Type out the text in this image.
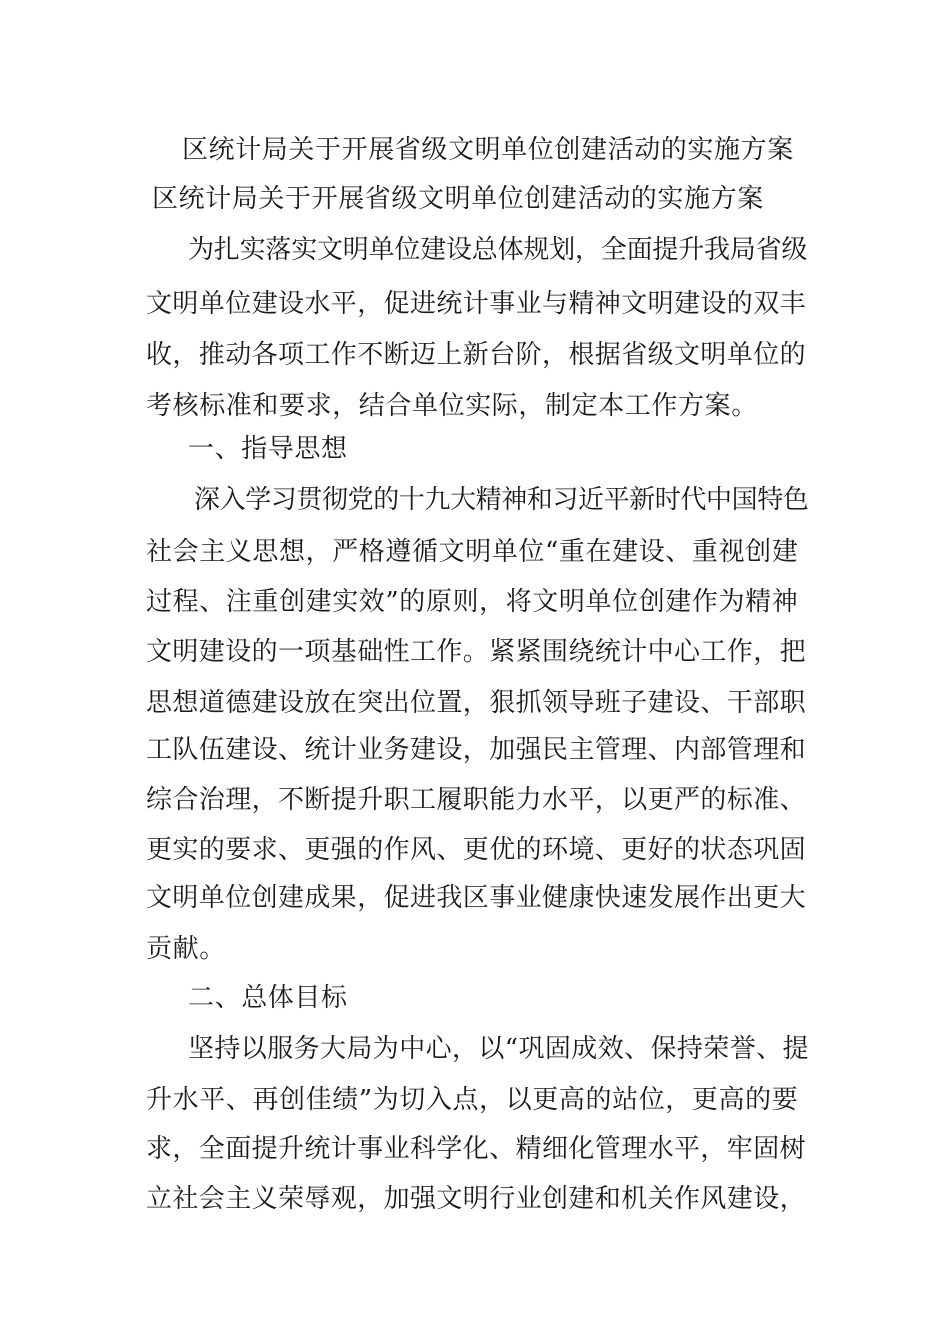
区统计局关于开展省级文明单位创建活动的实施方案
区统计局关于开展省级文明单位创建活动的实施方案
为扎实落实文明单位建设总体规划，全面提升我局省级
文明单位建设水平，促进统计事业与精神文明建设的双丰
收，推动各项工作不断迈上新台阶，根据省级文明单位的
考核标准和要求，结合单位实际，制定本工作方案。
一、指导思想
深入学习贯彻党的十九大精神和习近平新时代中国特色
社会主义思想，严格遵循文明单位“重在建设、重视创建
过程、注重创建实效”的原则，将文明单位创建作为精神
文明建设的一项基础性工作。紧紧围绕统计中心工作，把
思想道德建设放在突出位置，狠抓领导班子建设、干部职
工队伍建设、统计业务建设，加强民主管理、内部管理和
综合治理，不断提升职工履职能力水平，以更严的标准、
更实的要求、更强的作风、更优的环境、更好的状态巩固
文明单位创建成果，促进我区事业健康快速发展作出更大
贡献。
二、总体目标
坚持以服务大局为中心，以“巩固成效、保持荣誉、提
升水平、再创佳绩”为切入点，以更高的站位，更高的要
求，全面提升统计事业科学化、精细化管理水平，牢固树
立社会主义荣辱观，加强文明行业创建和机关作风建设，
